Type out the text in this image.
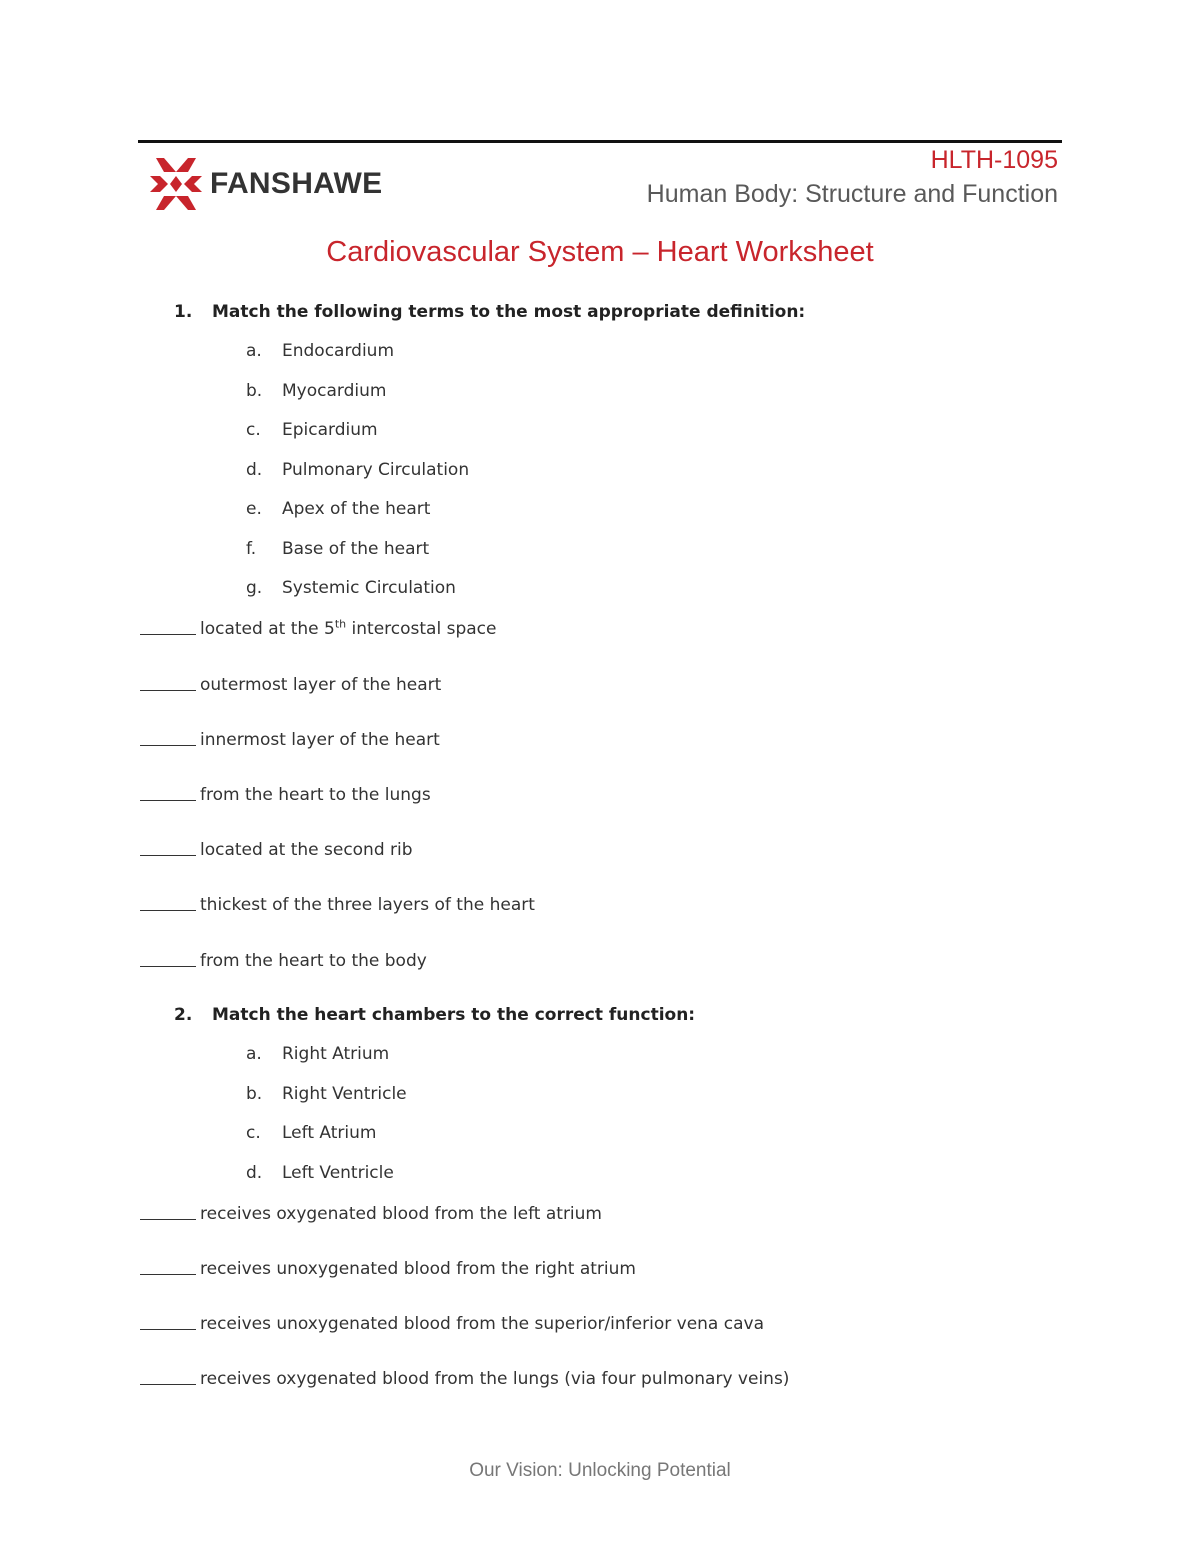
FANSHAWE
HLTH-1095
Human Body: Structure and Function
Cardiovascular System – Heart Worksheet
1. Match the following terms to the most appropriate definition:
a. Endocardium
b. Myocardium
c. Epicardium
d. Pulmonary Circulation
e. Apex of the heart
f. Base of the heart
g. Systemic Circulation
located at the 5th intercostal space
outermost layer of the heart
innermost layer of the heart
from the heart to the lungs
located at the second rib
thickest of the three layers of the heart
from the heart to the body
2. Match the heart chambers to the correct function:
a. Right Atrium
b. Right Ventricle
c. Left Atrium
d. Left Ventricle
receives oxygenated blood from the left atrium
receives unoxygenated blood from the right atrium
receives unoxygenated blood from the superior/inferior vena cava
receives oxygenated blood from the lungs (via four pulmonary veins)
Our Vision: Unlocking Potential
